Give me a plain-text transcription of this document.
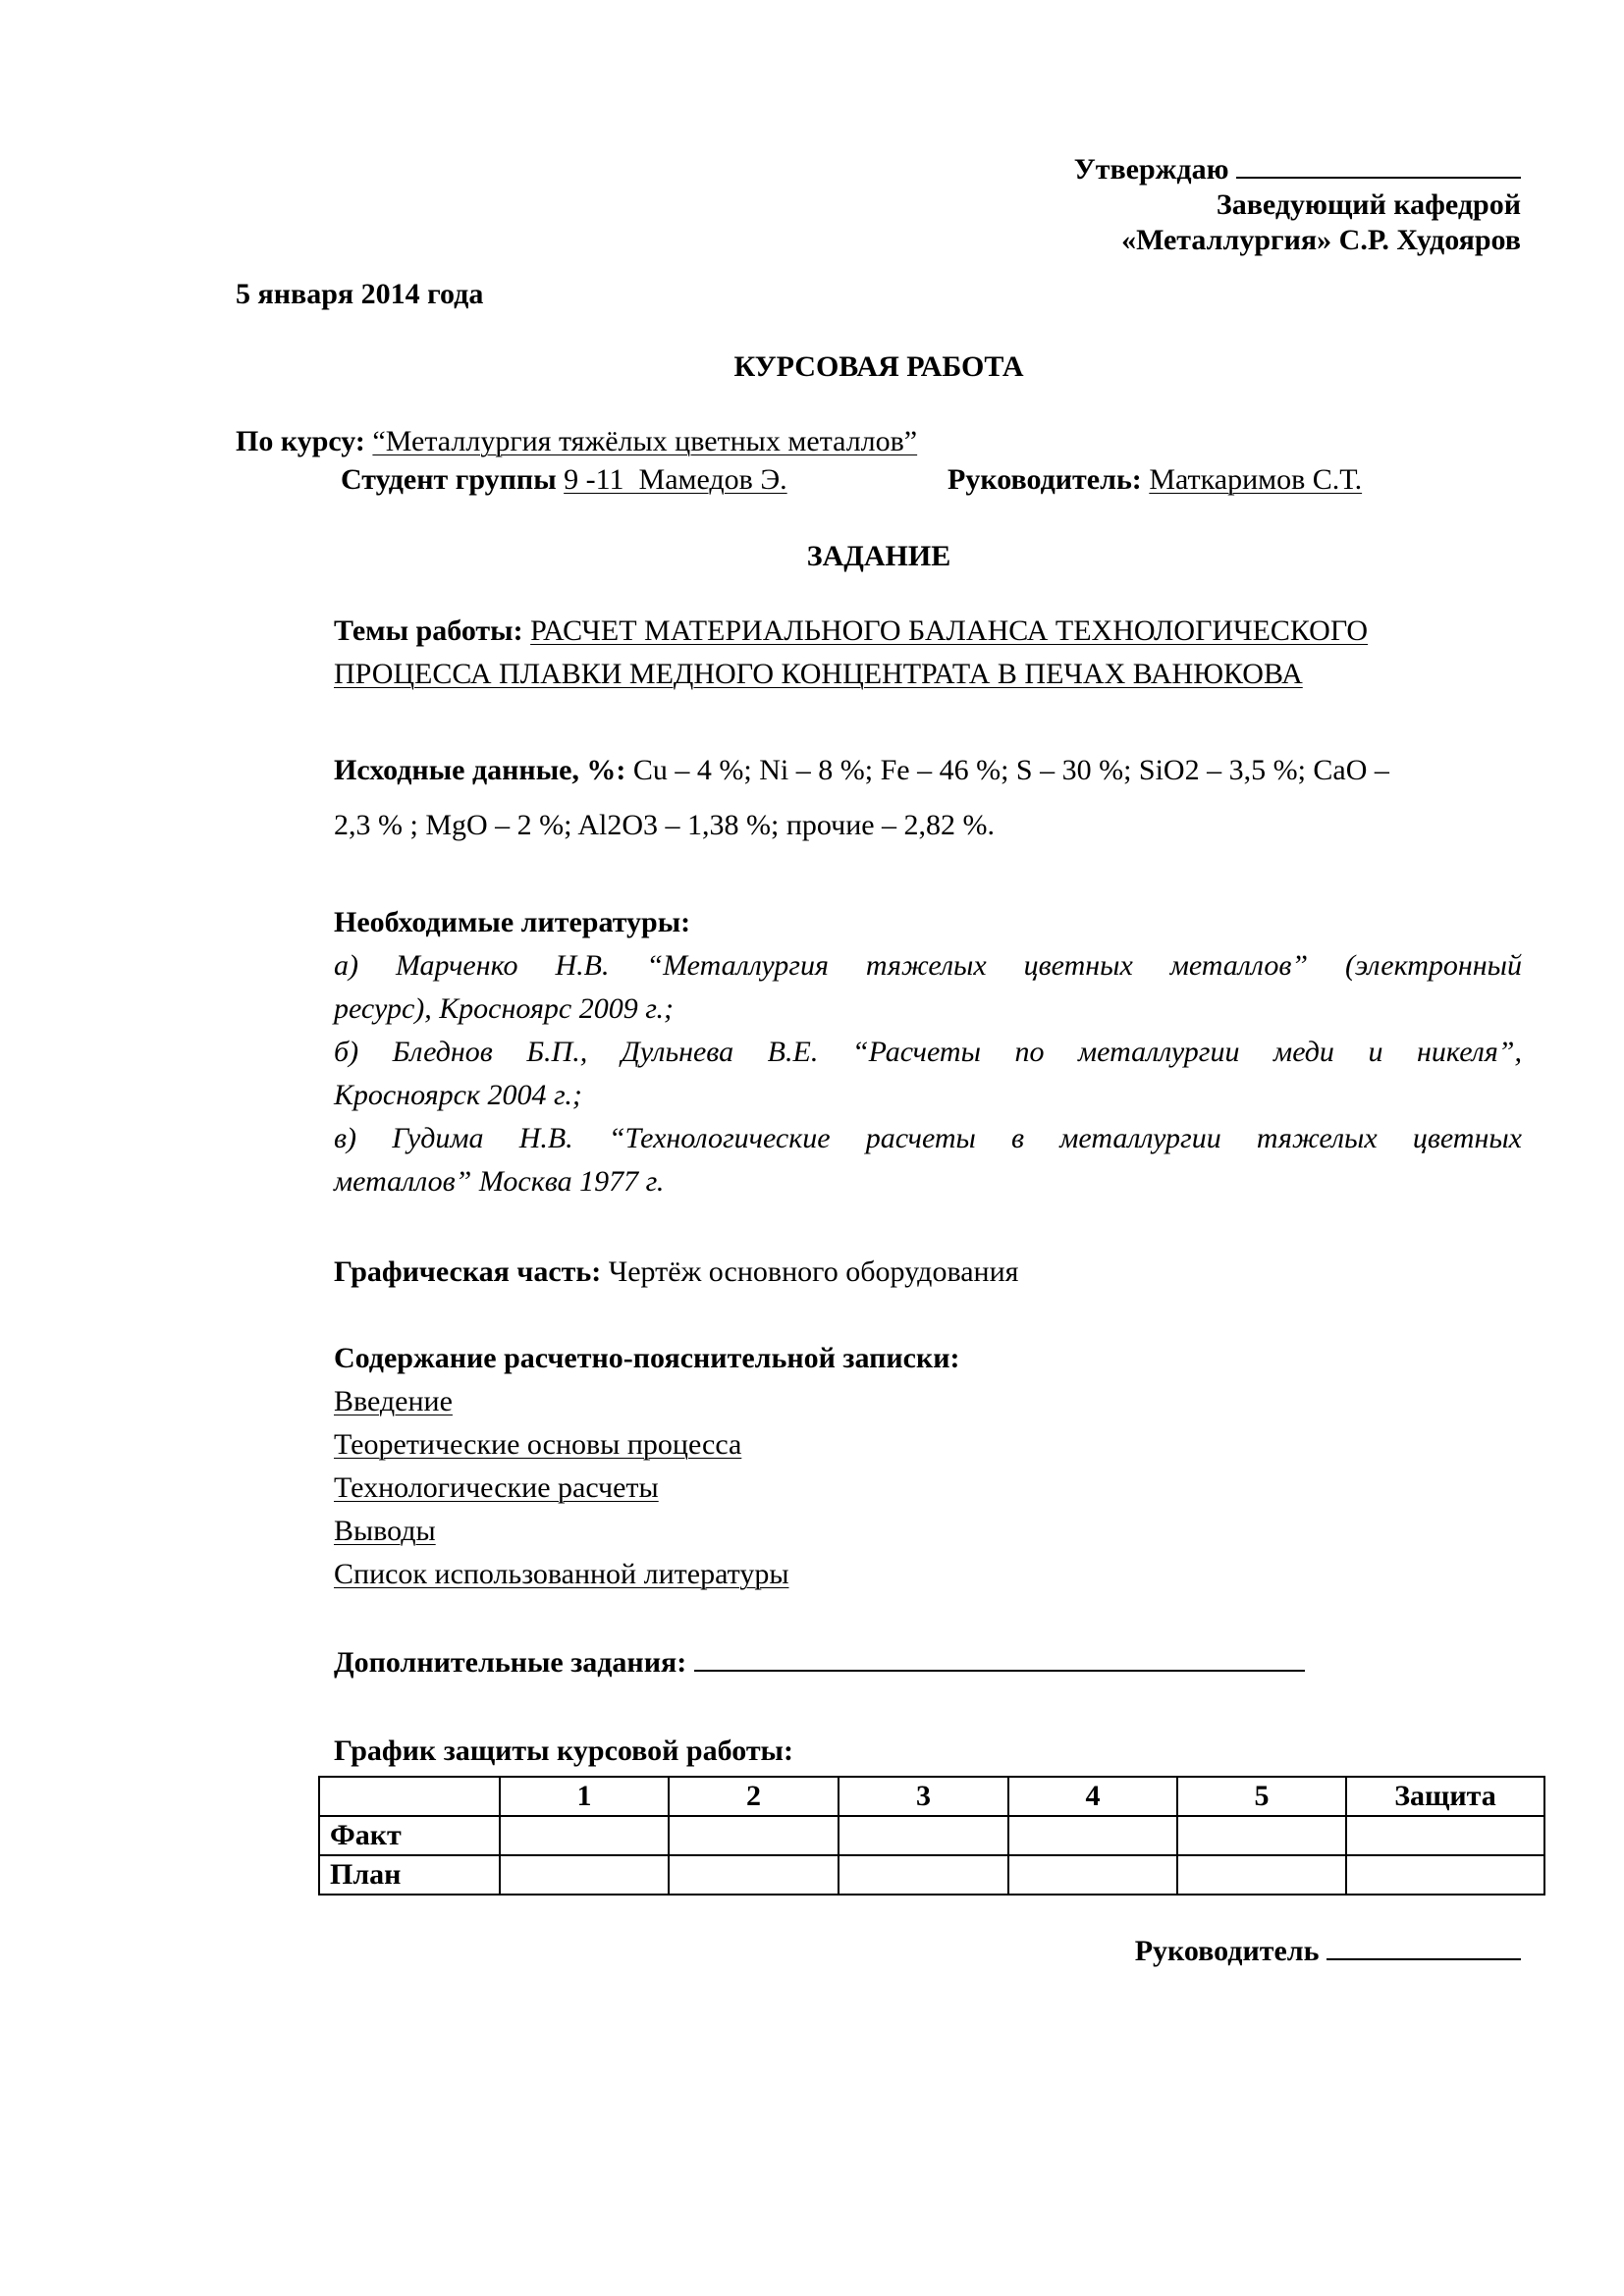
Утверждаю
Заведующий кафедрой
«Металлургия» С.Р. Худояров
5 января 2014 года
КУРСОВАЯ РАБОТА
По курсу: “Металлургия тяжёлых цветных металлов”
Студент группы 9 -11  Мамедов Э.	Руководитель: Маткаримов С.Т.
ЗАДАНИЕ
Темы работы: РАСЧЕТ МАТЕРИАЛЬНОГО БАЛАНСА ТЕХНОЛОГИЧЕСКОГО
ПРОЦЕССА ПЛАВКИ МЕДНОГО КОНЦЕНТРАТА В ПЕЧАХ ВАНЮКОВА
Исходные данные, %: Cu – 4 %; Ni – 8 %; Fe – 46 %; S – 30 %; SiO2 – 3,5 %; CaO –
2,3 % ; MgO – 2 %; Al2O3 – 1,38 %; прочие – 2,82 %.
Необходимые литературы:
а) Марченко Н.В. “Металлургия тяжелых цветных металлов” (электронный
ресурс), Кросноярс 2009 г.;
б) Бледнов Б.П., Дульнева В.Е. “Расчеты по металлургии меди и никеля”,
Кросноярск 2004 г.;
в) Гудима Н.В. “Технологические расчеты в металлургии тяжелых цветных
металлов” Москва 1977 г.
Графическая часть: Чертёж основного оборудования
Содержание расчетно-пояснительной записки:
Введение
Теоретические основы процесса
Технологические расчеты
Выводы
Список использованной литературы
Дополнительные задания:
График защиты курсовой работы:
	1	2	3	4	5	Защита
Факт						
План						
Руководитель
